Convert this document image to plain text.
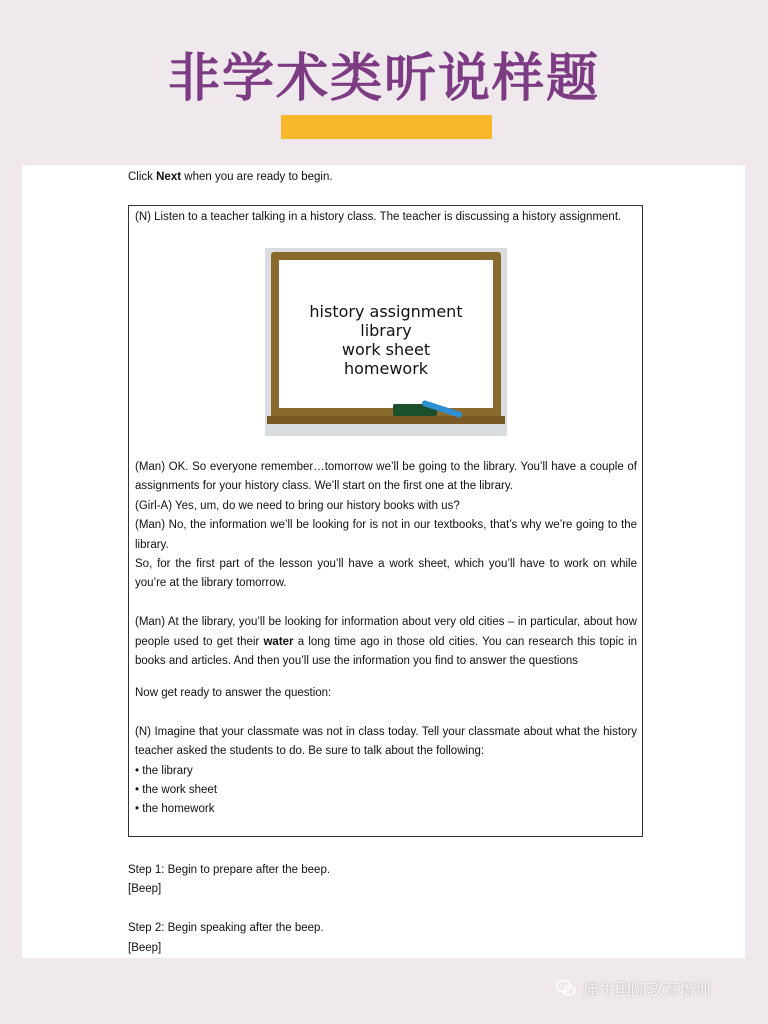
非学术类听说样题
Click Next when you are ready to begin.
(N) Listen to a teacher talking in a history class. The teacher is discussing a history assignment.
history assignment
library
work sheet
homework

(Man) OK. So everyone remember…tomorrow we’ll be going to the library. You’ll have a couple of assignments for your history class. We’ll start on the first one at the library.

(Girl-A) Yes, um, do we need to bring our history books with us?

(Man) No, the information we’ll be looking for is not in our textbooks, that’s why we’re going to the library.

So, for the first part of the lesson you’ll have a work sheet, which you’ll have to work on while you’re at the library tomorrow.

(Man) At the library, you’ll be looking for information about very old cities – in particular, about how people used to get their water a long time ago in those old cities. You can research this topic in books and articles. And then you’ll use the information you find to answer the questions

Now get ready to answer the question:

(N) Imagine that your classmate was not in class today. Tell your classmate about what the history teacher asked the students to do. Be sure to talk about the following:

• the library

• the work sheet

• the homework

Step 1: Begin to prepare after the beep.

[Beep]

Step 2: Begin speaking after the beep.

[Beep]

犀牛国际教育培训
